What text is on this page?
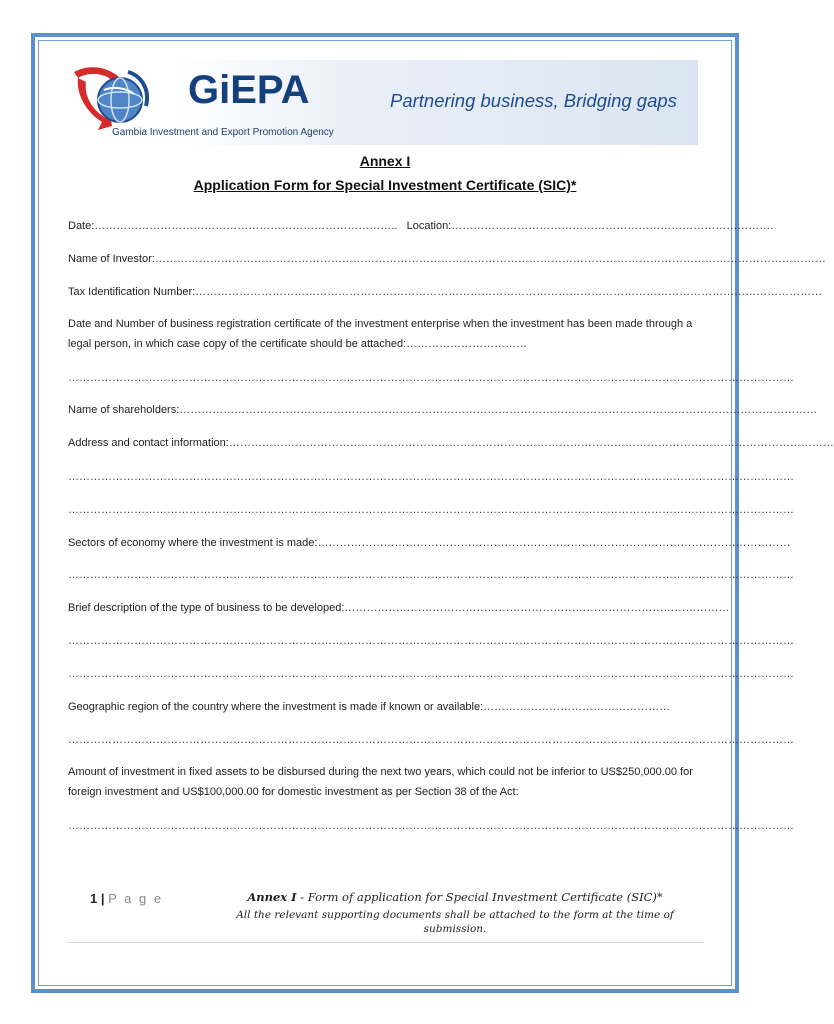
GiEPA
Gambia Investment and Export Promotion Agency
Partnering business, Bridging gaps
Annex I
Application Form for Special Investment Certificate (SIC)*
Date:……………………………………………………………………….. Location:…………………………………………………………………………….
Name of Investor:…………………………………………………………………………………………………………………………………………………………………
Tax Identification Number:………………………………………………………………………………………………………………………………………………………
Date and Number of business registration certificate of the investment enterprise when the investment has been made through a legal person, in which case copy of the certificate should be attached:……………………………
………………………………………………………………………………………………………………………………………………………………………………
Name of shareholders:…………………………………………………………………………………………………………………………………………………………
Address and contact information:…………………………………………………………………………………………………………………………………………………
………………………………………………………………………………………………………………………………………………………………………………
………………………………………………………………………………………………………………………………………………………………………………
Sectors of economy where the investment is made:…………………………………………………………………………………………………………………
………………………………………………………………………………………………………………………………………………………………………………
Brief description of the type of business to be developed:……………………………………………………………………………………………
………………………………………………………………………………………………………………………………………………………………………………
………………………………………………………………………………………………………………………………………………………………………………
Geographic region of the country where the investment is made if known or available:……………………………………………
………………………………………………………………………………………………………………………………………………………………………………
Amount of investment in fixed assets to be disbursed during the next two years, which could not be inferior to US$250,000.00 for foreign investment and US$100,000.00 for domestic investment as per Section 38 of the Act:
………………………………………………………………………………………………………………………………………………………………………………
1 | P a g e	Annex I - Form of application for Special Investment Certificate (SIC)*
All the relevant supporting documents shall be attached to the form at the time of submission.
